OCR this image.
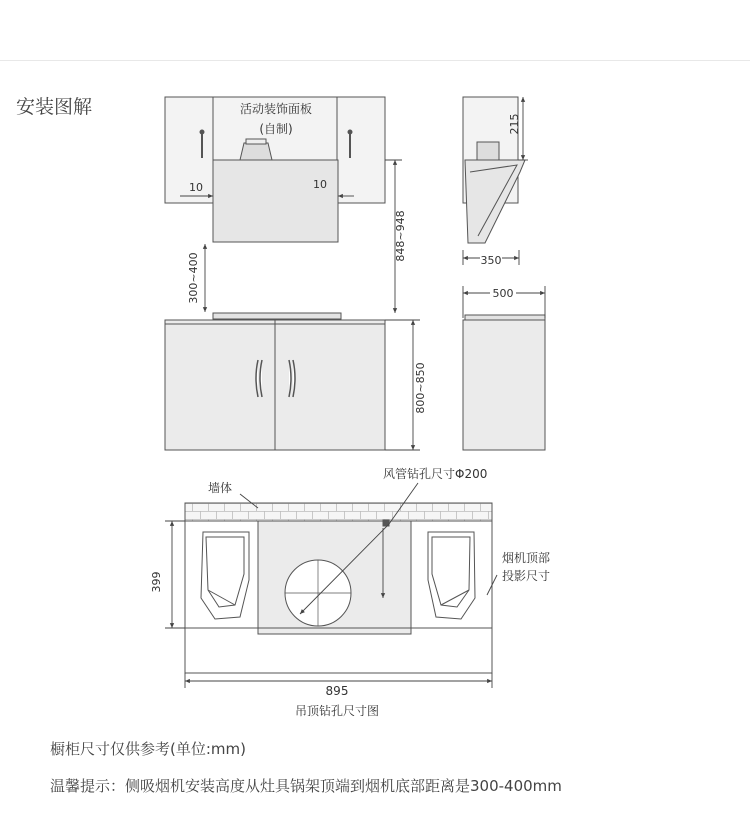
安装图解	活动装饰面板
(自制)
10	10
848~948
300~400
800~850
215
350
500
墙体
风管钻孔尺寸Φ200
烟机顶部
投影尺寸
399
895
吊顶钻孔尺寸图
橱柜尺寸仅供参考(单位:mm)
温馨提示：侧吸烟机安装高度从灶具锅架顶端到烟机底部距离是300-400mm
